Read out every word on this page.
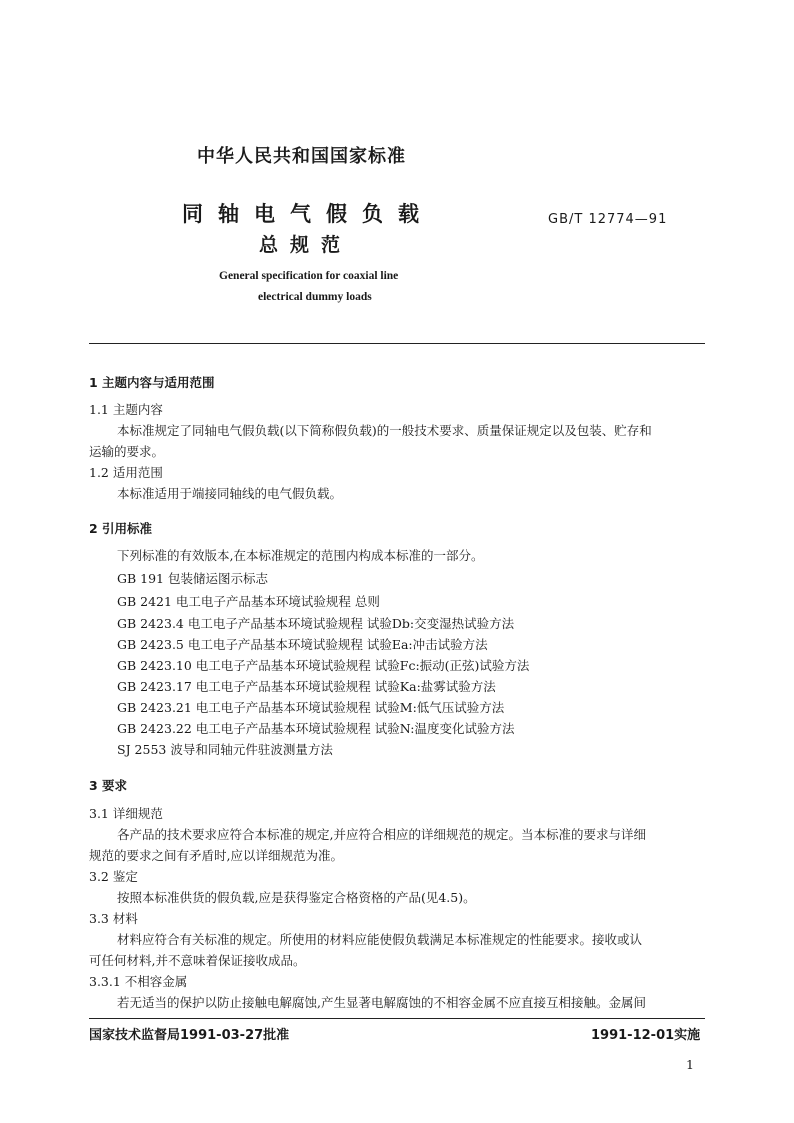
中华人民共和国国家标准
同轴电气假负载	GB/T 12774—91
总规范
General specification for coaxial line
electrical dummy loads
1 主题内容与适用范围
1.1 主题内容
本标准规定了同轴电气假负载(以下简称假负载)的一般技术要求、质量保证规定以及包装、贮存和
运输的要求。
1.2 适用范围
本标准适用于端接同轴线的电气假负载。
2 引用标准
下列标准的有效版本,在本标准规定的范围内构成本标准的一部分。
GB 191 包装储运图示标志
GB 2421 电工电子产品基本环境试验规程 总则
GB 2423.4 电工电子产品基本环境试验规程 试验Db:交变湿热试验方法
GB 2423.5 电工电子产品基本环境试验规程 试验Ea:冲击试验方法
GB 2423.10 电工电子产品基本环境试验规程 试验Fc:振动(正弦)试验方法
GB 2423.17 电工电子产品基本环境试验规程 试验Ka:盐雾试验方法
GB 2423.21 电工电子产品基本环境试验规程 试验M:低气压试验方法
GB 2423.22 电工电子产品基本环境试验规程 试验N:温度变化试验方法
SJ 2553 波导和同轴元件驻波测量方法
3 要求
3.1 详细规范
各产品的技术要求应符合本标准的规定,并应符合相应的详细规范的规定。当本标准的要求与详细
规范的要求之间有矛盾时,应以详细规范为准。
3.2 鉴定
按照本标准供货的假负载,应是获得鉴定合格资格的产品(见4.5)。
3.3 材料
材料应符合有关标准的规定。所使用的材料应能使假负载满足本标准规定的性能要求。接收或认
可任何材料,并不意味着保证接收成品。
3.3.1 不相容金属
若无适当的保护以防止接触电解腐蚀,产生显著电解腐蚀的不相容金属不应直接互相接触。金属间
国家技术监督局1991-03-27批准	1991-12-01实施
1
